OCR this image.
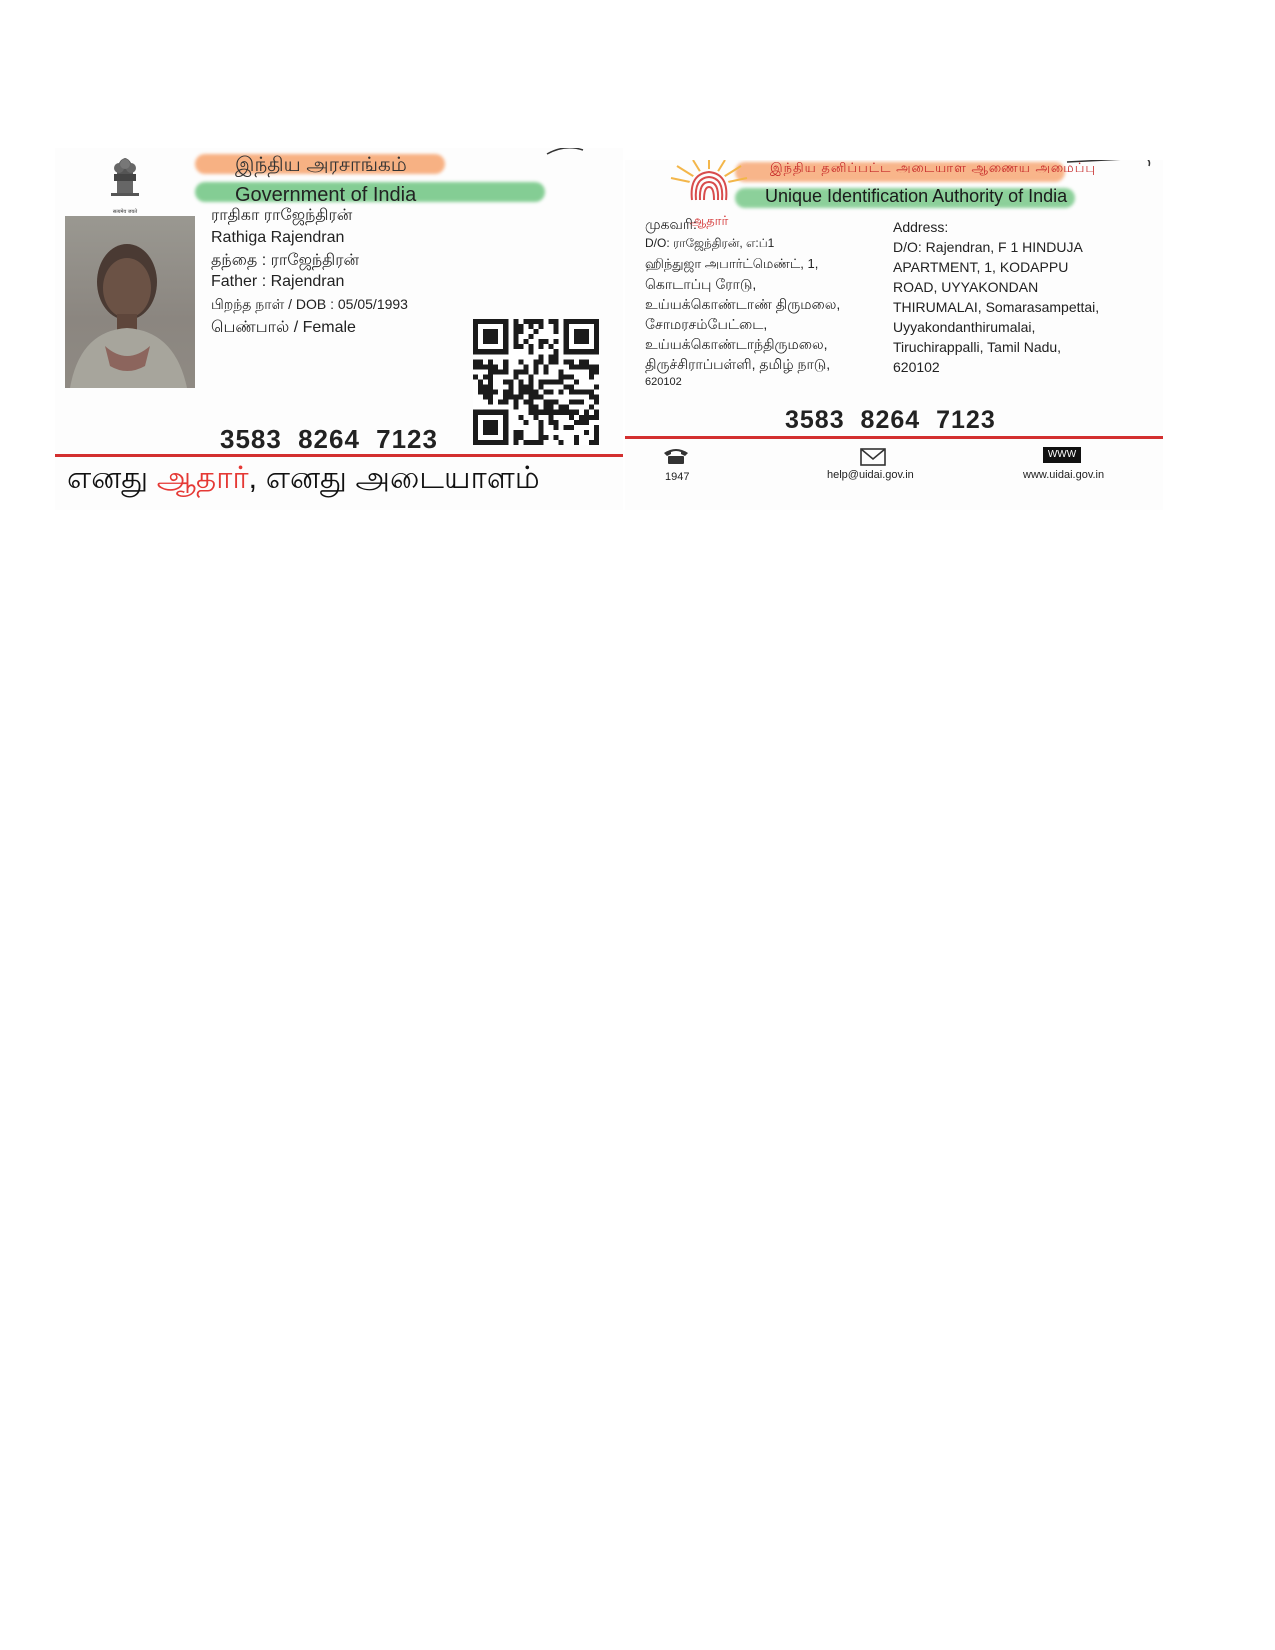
सत्यमेव जयते
இந்திய அரசாங்கம்
Government of India
ராதிகா ராஜேந்திரன்
Rathiga Rajendran
தந்தை : ராஜேந்திரன்
Father : Rajendran
பிறந்த நாள் / DOB : 05/05/1993
பெண்பால் / Female
3583 8264 7123
எனது ஆதார், எனது அடையாளம்
ஆதார்
இந்திய தனிப்பட்ட அடையாள ஆணைய அமைப்பு
Unique Identification Authority of India
முகவரி:
D/O: ராஜேந்திரன், எ:ப்1
ஹிந்துஜா அபார்ட்மெண்ட், 1,
கொடாப்பு ரோடு,
உய்யக்கொண்டாண் திருமலை,
சோமரசம்பேட்டை,
உய்யக்கொண்டாந்திருமலை,
திருச்சிராப்பள்ளி, தமிழ் நாடு,
620102
Address:
D/O: Rajendran, F 1 HINDUJA
APARTMENT, 1, KODAPPU
ROAD, UYYAKONDAN
THIRUMALAI, Somarasampettai,
Uyyakondanthirumalai,
Tiruchirappalli, Tamil Nadu,
620102
3583 8264 7123
1947	help@uidai.gov.in
WWW
www.uidai.gov.in
